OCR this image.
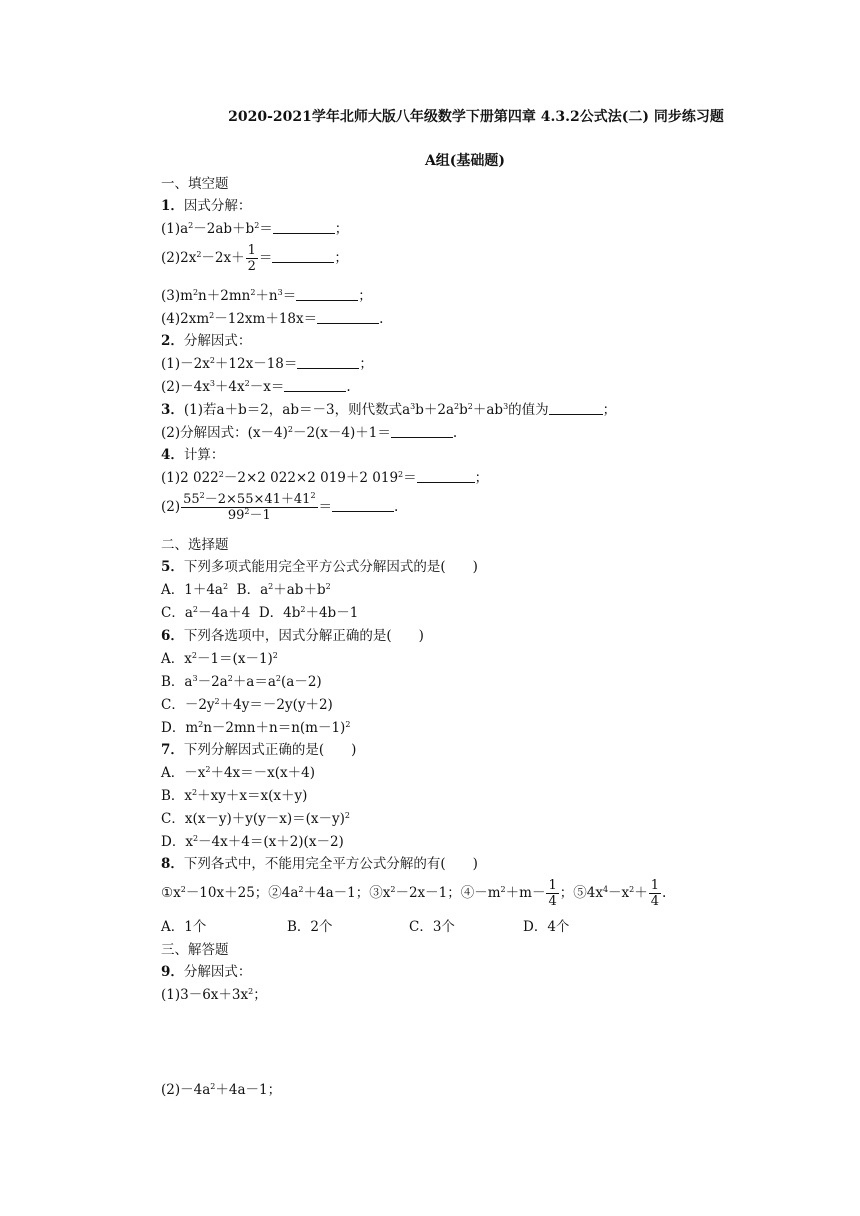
2020-2021学年北师大版八年级数学下册第四章 4.3.2公式法(二) 同步练习题
A组(基础题)
一、填空题
1．因式分解：
$(1)a^2-2ab+b^2=$	；
$(2)2x^2-2x+ \frac{1}{2}$ ＝	；
$(3)m^2n+2mn^2+n^3=$	；
$(4)2xm^2-12xm+18x=$	.
2．分解因式：
$(1)-2x^2+12x-18=$	；
$(2)-4x^3+4x^2-x=$	.
3．(1)若a＋b＝2，ab＝－3，则代数式$a^3b+2a^2b^2+ab^3$的值为	；
(2)分解因式：$(x-4)^2-2(x-4)+1=$	.
4．计算：
(1)2 $022^2-2\times 2$ 022×2 019＋2 $019^2=$	；
$(2) \frac{55^2-2\times 55\times 41+41^2}{99^2-1}$ ＝	.
二、选择题
5．下列多项式能用完全平方公式分解因式的是(　　)
A．$1+4a^2$ B．$a^2+ab+b^2$
C．$a^2-4a+4$ D．$4b^2+4b-1$
6．下列各选项中，因式分解正确的是(　　)
A．$x^2-1=(x-1)^2$
B．$a^3-2a^2+a=a^2(a-2)$
C．$-2y^2+4y=-2y(y+2)$
D．$m^2n-2mn+n=n(m-1)^2$
7．下列分解因式正确的是(　　)
A．$-x^2+4x=-x(x+4)$
B．$x^2+xy+x=x(x+y)$
C．$x(x-y)+y(y-x)=(x-y)^2$
D．$x^2-4x+4=(x+2)(x-2)$
8．下列各式中，不能用完全平方公式分解的有(　　)
$①x^2-10x+25$；$②4a^2+4a-1$；$③x^2-2x-1$；$④-m^2+m- \frac{1}{4}$ ；$⑤4x^4-x^2+ \frac{1}{4}$ .
A．1个	B．2个	C．3个	D．4个
三、解答题
9．分解因式：
$(1)3-6x+3x^2$；
$(2)-4a^2+4a-1$；
